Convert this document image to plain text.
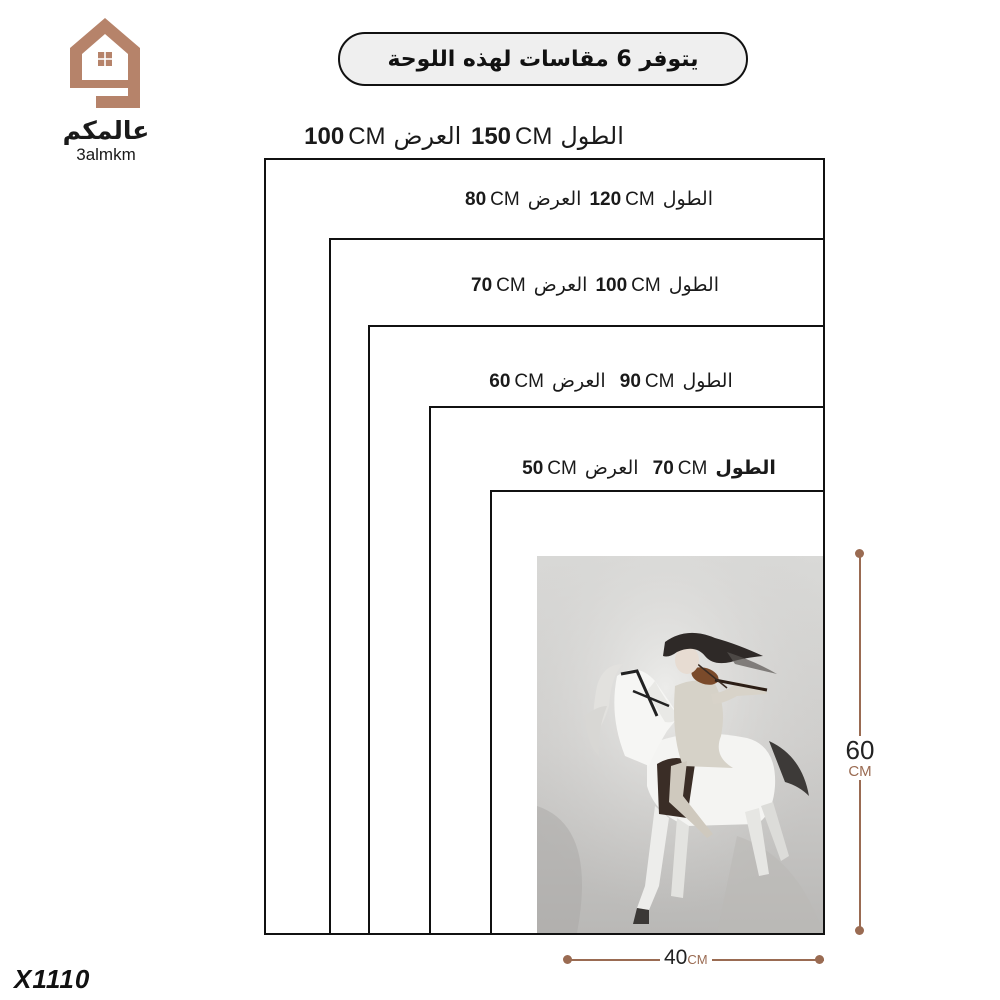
عالمكم
3almkm
يتوفر 6 مقاسات لهذه اللوحة
الطول
CM
150

العرض
CM
100
الطول
CM
120

العرض
CM
80
الطول
CM
100

العرض
CM
70
الطول
CM
90

العرض
CM
60
الطول
CM
70

العرض
CM
50
60
CM
40CM
X1110
